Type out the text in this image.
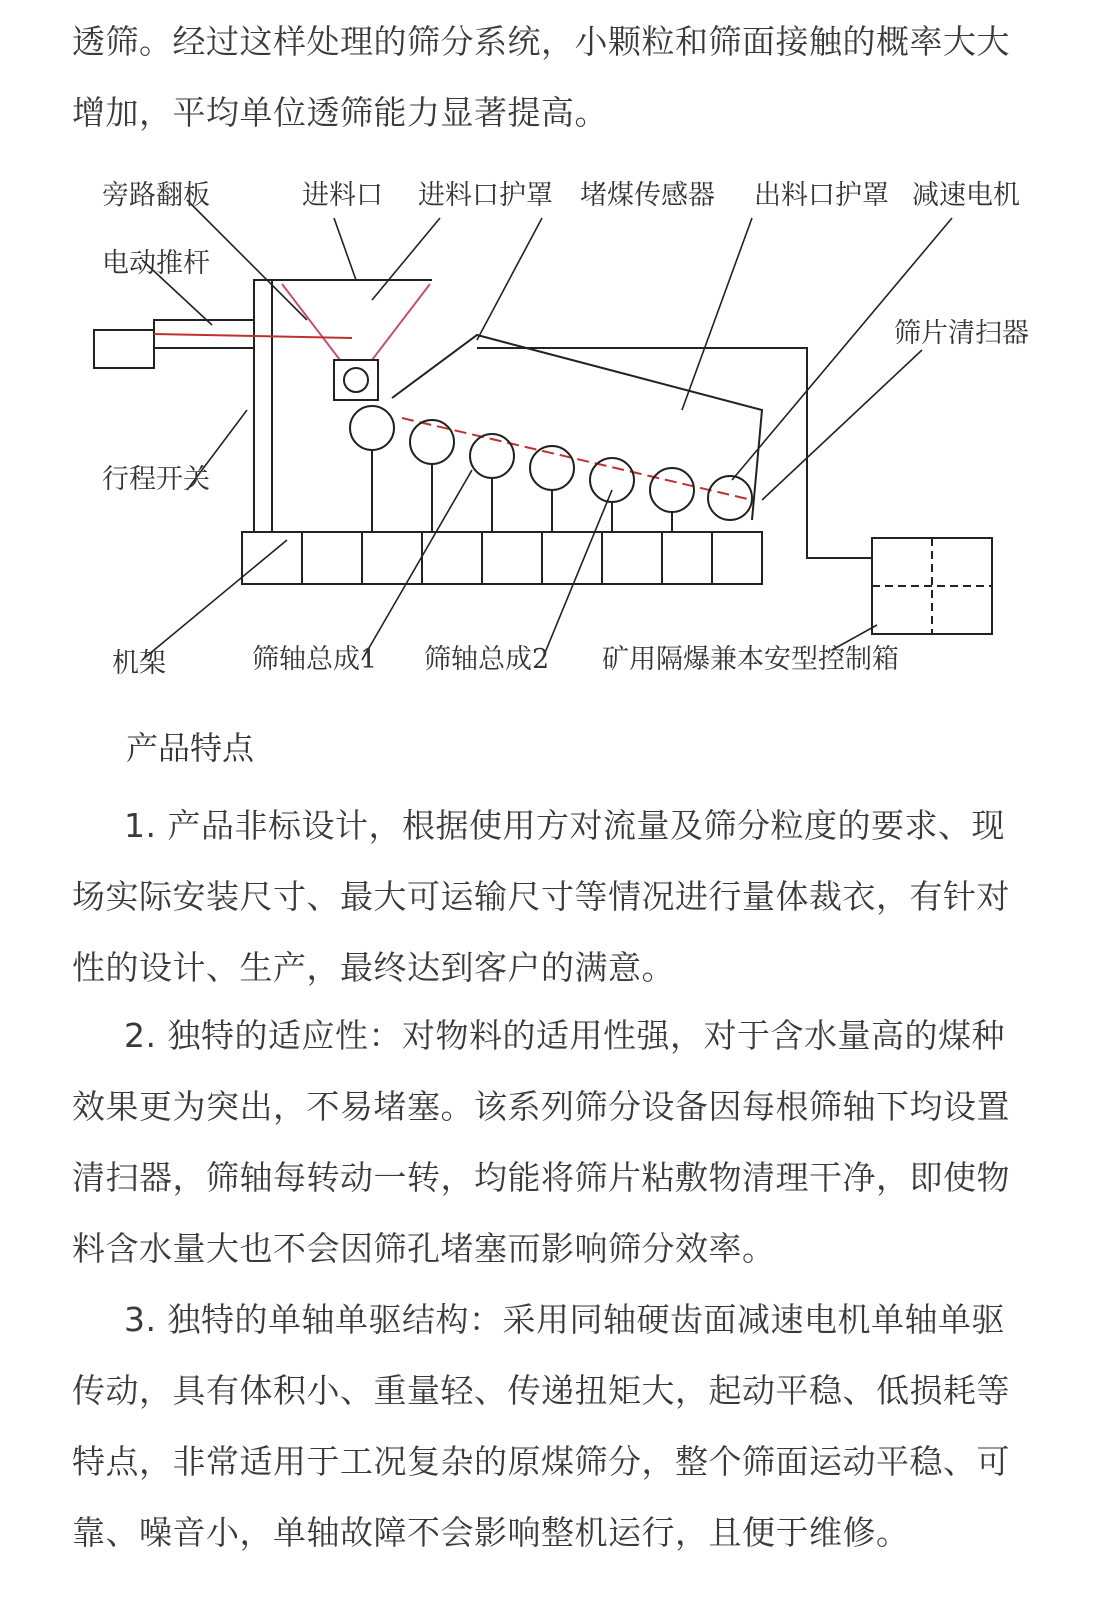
透筛。经过这样处理的筛分系统，小颗粒和筛面接触的概率大大增加，平均单位透筛能力显著提高。

旁路翻板	进料口 进料口护罩 堵煤传感器 出料口护罩 减速电机
电动推杆
筛片清扫器
行程开关
机架	筛轴总成1 筛轴总成2 矿用隔爆兼本安型控制箱
产品特点

1. 产品非标设计，根据使用方对流量及筛分粒度的要求、现场实际安装尺寸、最大可运输尺寸等情况进行量体裁衣，有针对性的设计、生产，最终达到客户的满意。

2. 独特的适应性：对物料的适用性强，对于含水量高的煤种效果更为突出，不易堵塞。该系列筛分设备因每根筛轴下均设置清扫器，筛轴每转动一转，均能将筛片粘敷物清理干净，即使物料含水量大也不会因筛孔堵塞而影响筛分效率。

3. 独特的单轴单驱结构：采用同轴硬齿面减速电机单轴单驱传动，具有体积小、重量轻、传递扭矩大，起动平稳、低损耗等特点，非常适用于工况复杂的原煤筛分，整个筛面运动平稳、可靠、噪音小，单轴故障不会影响整机运行，且便于维修。
